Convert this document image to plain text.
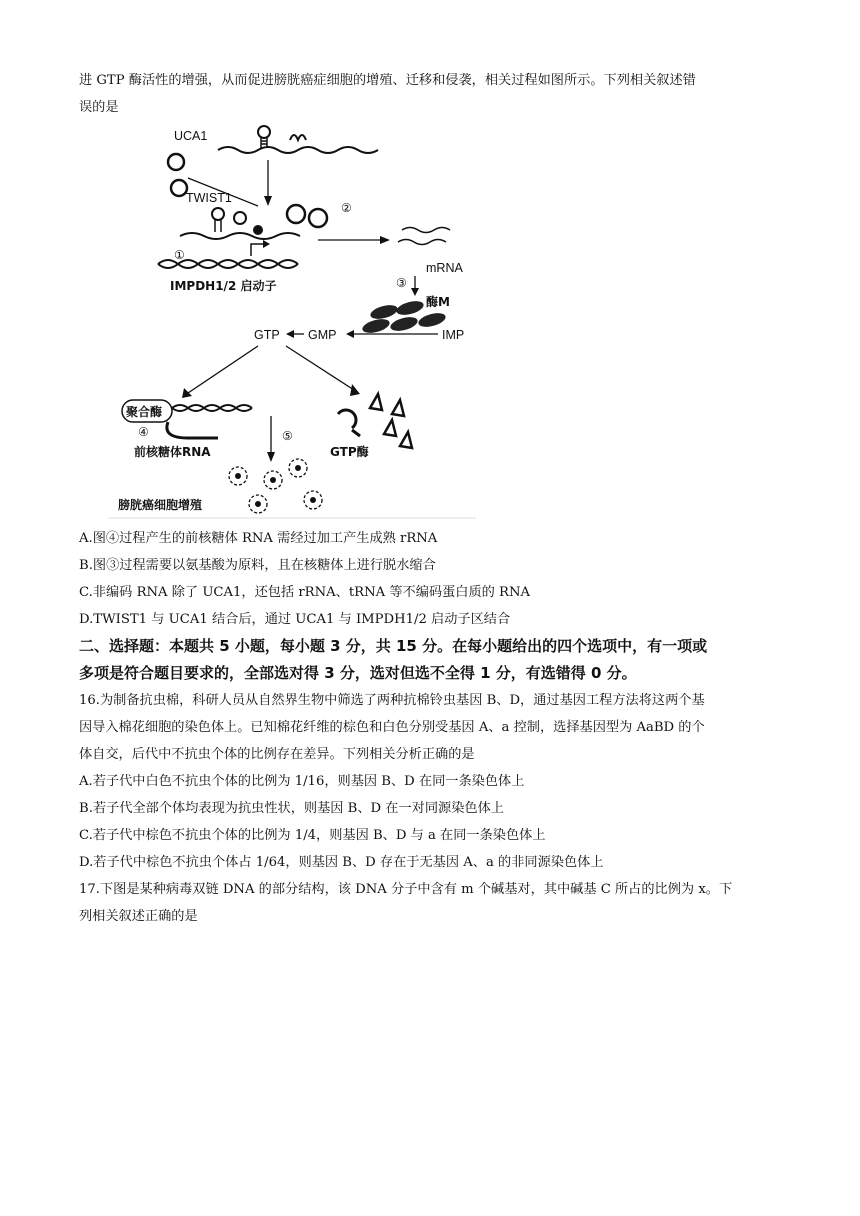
进 GTP 酶活性的增强，从而促进膀胱癌症细胞的增殖、迁移和侵袭，相关过程如图所示。下列相关叙述错
误的是
UCA1
TWIST1
①
IMPDH1/2 启动子
②
mRNA
③
酶M
GTP GMP	IMP
聚合酶
④
前核糖体RNA
⑤
GTP酶
膀胱癌细胞增殖
A.图④过程产生的前核糖体 RNA 需经过加工产生成熟 rRNA
B.图③过程需要以氨基酸为原料，且在核糖体上进行脱水缩合
C.非编码 RNA 除了 UCA1，还包括 rRNA、tRNA 等不编码蛋白质的 RNA
D.TWIST1 与 UCA1 结合后，通过 UCA1 与 IMPDH1/2 启动子区结合
二、选择题：本题共 5 小题，每小题 3 分，共 15 分。在每小题给出的四个选项中，有一项或
多项是符合题目要求的，全部选对得 3 分，选对但选不全得 1 分，有选错得 0 分。
16.为制备抗虫棉，科研人员从自然界生物中筛选了两种抗棉铃虫基因 B、D，通过基因工程方法将这两个基
因导入棉花细胞的染色体上。已知棉花纤维的棕色和白色分别受基因 A、a 控制，选择基因型为 AaBD 的个
体自交，后代中不抗虫个体的比例存在差异。下列相关分析正确的是
A.若子代中白色不抗虫个体的比例为 1/16，则基因 B、D 在同一条染色体上
B.若子代全部个体均表现为抗虫性状，则基因 B、D 在一对同源染色体上
C.若子代中棕色不抗虫个体的比例为 1/4，则基因 B、D 与 a 在同一条染色体上
D.若子代中棕色不抗虫个体占 1/64，则基因 B、D 存在于无基因 A、a 的非同源染色体上
17.下图是某种病毒双链 DNA 的部分结构，该 DNA 分子中含有 m 个碱基对，其中碱基 C 所占的比例为 x。下
列相关叙述正确的是
